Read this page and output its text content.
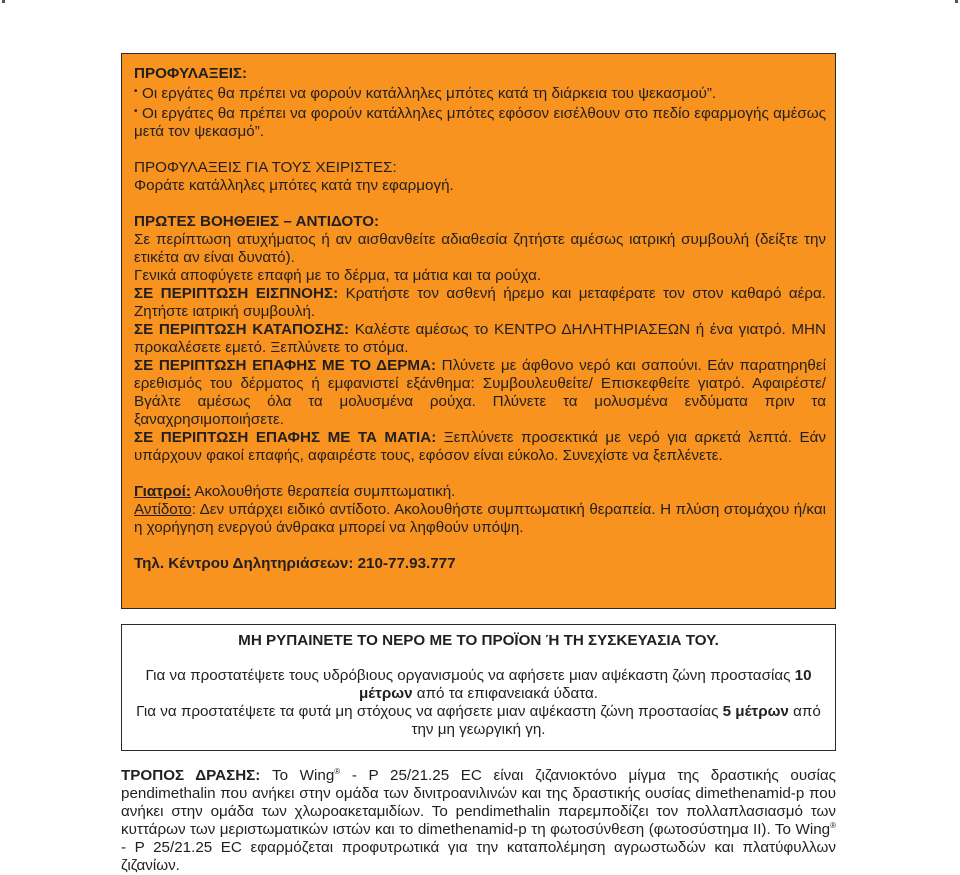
ΠΡΟΦΥΛΑΞΕΙΣ:

• Οι εργάτες θα πρέπει να φορούν κατάλληλες μπότες κατά τη διάρκεια του ψεκασμού”.

• Οι εργάτες θα πρέπει να φορούν κατάλληλες μπότες εφόσον εισέλθουν στο πεδίο εφαρμογής αμέσως μετά τον ψεκασμό”.

ΠΡΟΦΥΛΑΞΕΙΣ ΓΙΑ ΤΟΥΣ ΧΕΙΡΙΣΤΕΣ:

Φοράτε κατάλληλες μπότες κατά την εφαρμογή.

ΠΡΩΤΕΣ ΒΟΗΘΕΙΕΣ – ΑΝΤΙΔΟΤΟ:

Σε περίπτωση ατυχήματος ή αν αισθανθείτε αδιαθεσία ζητήστε αμέσως ιατρική συμβουλή (δείξτε την ετικέτα αν είναι δυνατό).

Γενικά αποφύγετε επαφή με το δέρμα, τα μάτια και τα ρούχα.

ΣΕ ΠΕΡΙΠΤΩΣΗ ΕΙΣΠΝΟΗΣ: Κρατήστε τον ασθενή ήρεμο και μεταφέρατε τον στον καθαρό αέρα. Ζητήστε ιατρική συμβουλή.

ΣΕ ΠΕΡΙΠΤΩΣΗ ΚΑΤΑΠΟΣΗΣ: Καλέστε αμέσως το ΚΕΝΤΡΟ ΔΗΛΗΤΗΡΙΑΣΕΩΝ ή ένα γιατρό. ΜΗΝ προκαλέσετε εμετό. Ξεπλύνετε το στόμα.

ΣΕ ΠΕΡΙΠΤΩΣΗ ΕΠΑΦΗΣ ΜΕ ΤΟ ΔΕΡΜΑ: Πλύνετε με άφθονο νερό και σαπούνι. Εάν παρατηρηθεί ερεθισμός του δέρματος ή εμφανιστεί εξάνθημα: Συμβουλευθείτε/ Επισκεφθείτε γιατρό. Αφαιρέστε/Βγάλτε αμέσως όλα τα μολυσμένα ρούχα. Πλύνετε τα μολυσμένα ενδύματα πριν τα ξαναχρησιμοποιήσετε.

ΣΕ ΠΕΡΙΠΤΩΣΗ ΕΠΑΦΗΣ ΜΕ ΤΑ ΜΑΤΙΑ: Ξεπλύνετε προσεκτικά με νερό για αρκετά λεπτά. Εάν υπάρχουν φακοί επαφής, αφαιρέστε τους, εφόσον είναι εύκολο. Συνεχίστε να ξεπλένετε.

Γιατροί: Ακολουθήστε θεραπεία συμπτωματική.

Αντίδοτο: Δεν υπάρχει ειδικό αντίδοτο. Ακολουθήστε συμπτωματική θεραπεία. Η πλύση στομάχου ή/και η χορήγηση ενεργού άνθρακα μπορεί να ληφθούν υπόψη.

Τηλ. Κέντρου Δηλητηριάσεων: 210-77.93.777

ΜΗ ΡΥΠΑΙΝΕΤΕ ΤΟ ΝΕΡΟ ΜΕ ΤΟ ΠΡΟΪΟΝ Ή ΤΗ ΣΥΣΚΕΥΑΣΙΑ ΤΟΥ.

Για να προστατέψετε τους υδρόβιους οργανισμούς να αφήσετε μιαν αψέκαστη ζώνη προστασίας 10 μέτρων από τα επιφανειακά ύδατα.

Για να προστατέψετε τα φυτά μη στόχους να αφήσετε μιαν αψέκαστη ζώνη προστασίας 5 μέτρων από την μη γεωργική γη.

ΤΡΟΠΟΣ ΔΡΑΣΗΣ: To Wing® - P 25/21.25 EC είναι ζιζανιοκτόνο μίγμα της δραστικής ουσίας pendimethalin που ανήκει στην ομάδα των δινιτροανιλινών και της δραστικής ουσίας dimethenamid-p που ανήκει στην ομάδα των χλωροακεταμιδίων. Το pendimethalin παρεμποδίζει τον πολλαπλασιασμό των κυττάρων των μεριστωματικών ιστών και το dimethenamid-p τη φωτοσύνθεση (φωτοσύστημα II). Το Wing® - P 25/21.25 EC εφαρμόζεται προφυτρωτικά για την καταπολέμηση αγρωστωδών και πλατύφυλλων ζιζανίων.
